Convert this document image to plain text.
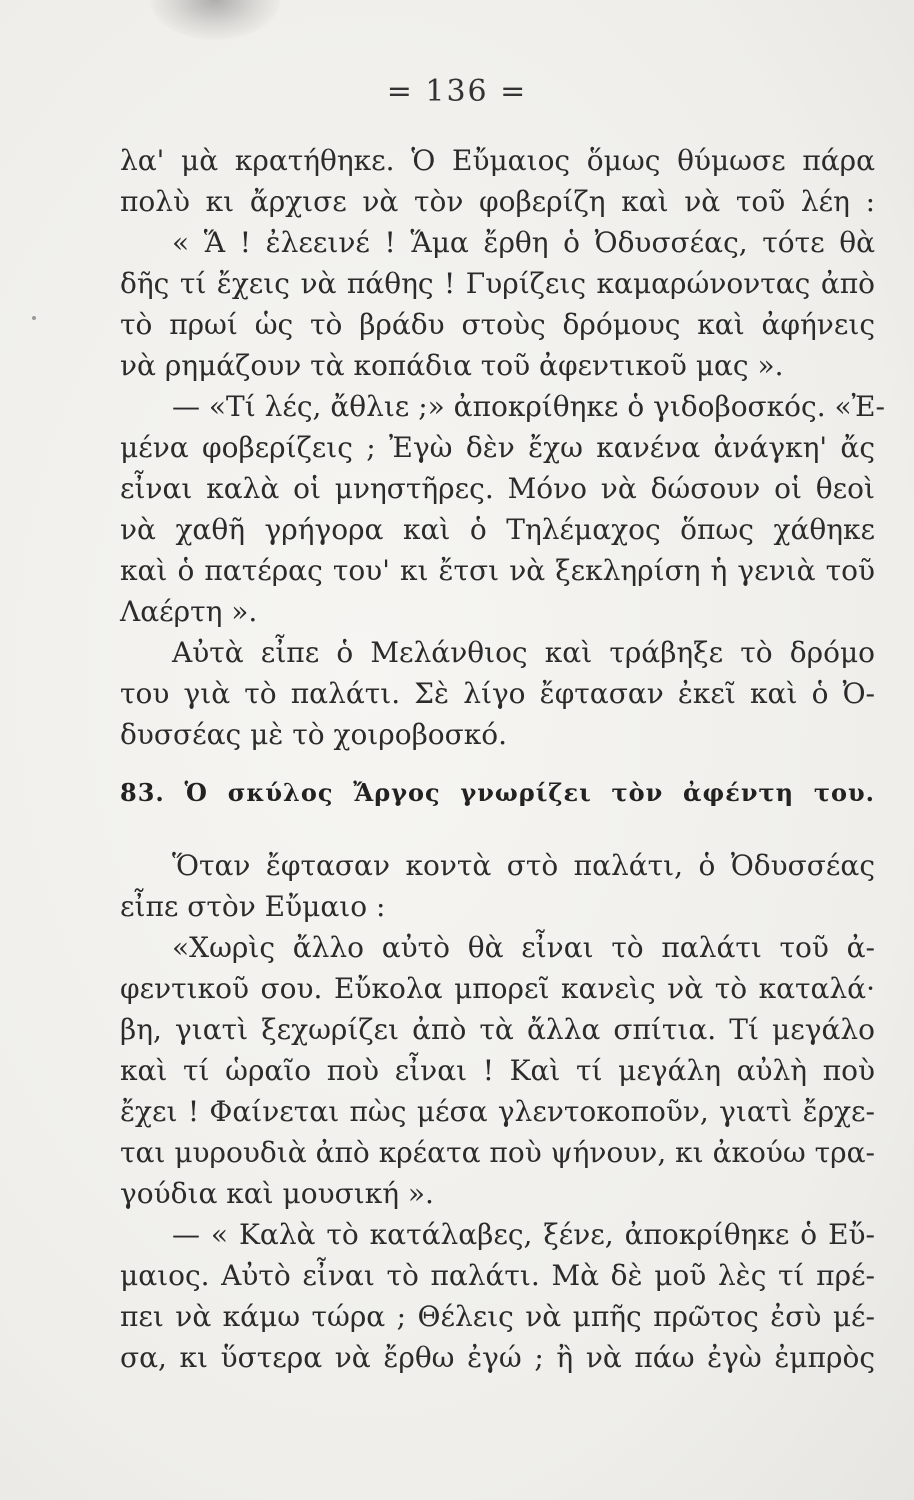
= 136 =
λα' μὰ κρατήθηκε. Ὁ Εὔμαιος ὅμως θύμωσε πάρα
πολὺ κι ἄρχισε νὰ τὸν φοβερίζη καὶ νὰ τοῦ λέη :
« Ἅ ! ἐλεεινέ ! Ἅμα ἔρθη ὁ Ὀδυσσέας, τότε θὰ
δῆς τί ἔχεις νὰ πάθης ! Γυρίζεις καμαρώνοντας ἀπὸ
τὸ πρωί ὡς τὸ βράδυ στοὺς δρόμους καὶ ἀφήνεις
νὰ ρημάζουν τὰ κοπάδια τοῦ ἀφεντικοῦ μας ».
— «Τί λές, ἄθλιε ;» ἀποκρίθηκε ὁ γιδοβοσκός. «Ἐ-
μένα φοβερίζεις ; Ἐγὼ δὲν ἔχω κανένα ἀνάγκη' ἄς
εἶναι καλὰ οἱ μνηστῆρες. Μόνο νὰ δώσουν οἱ θεοὶ
νὰ χαθῆ γρήγορα καὶ ὁ Τηλέμαχος ὅπως χάθηκε
καὶ ὁ πατέρας του' κι ἔτσι νὰ ξεκληρίση ἡ γενιὰ τοῦ
Λαέρτη ».
Αὐτὰ εἶπε ὁ Μελάνθιος καὶ τράβηξε τὸ δρόμο
του γιὰ τὸ παλάτι. Σὲ λίγο ἔφτασαν ἐκεῖ καὶ ὁ Ὀ-
δυσσέας μὲ τὸ χοιροβοσκό.
83. Ὁ σκύλος Ἄργος γνωρίζει τὸν ἀφέντη του.
Ὅταν ἔφτασαν κοντὰ στὸ παλάτι, ὁ Ὀδυσσέας
εἶπε στὸν Εὔμαιο :
«Χωρὶς ἄλλο αὐτὸ θὰ εἶναι τὸ παλάτι τοῦ ἀ-
φεντικοῦ σου. Εὔκολα μπορεῖ κανεὶς νὰ τὸ καταλά·
βη, γιατὶ ξεχωρίζει ἀπὸ τὰ ἄλλα σπίτια. Τί μεγάλο
καὶ τί ὡραῖο ποὺ εἶναι ! Καὶ τί μεγάλη αὐλὴ ποὺ
ἔχει ! Φαίνεται πὼς μέσα γλεντοκοποῦν, γιατὶ ἔρχε-
ται μυρουδιὰ ἀπὸ κρέατα ποὺ ψήνουν, κι ἀκούω τρα-
γούδια καὶ μουσική ».
— « Καλὰ τὸ κατάλαβες, ξένε, ἀποκρίθηκε ὁ Εὔ-
μαιος. Αὐτὸ εἶναι τὸ παλάτι. Μὰ δὲ μοῦ λὲς τί πρέ-
πει νὰ κάμω τώρα ; Θέλεις νὰ μπῆς πρῶτος ἐσὺ μέ-
σα, κι ὕστερα νὰ ἔρθω ἐγώ ; ἢ νὰ πάω ἐγὼ ἐμπρὸς
